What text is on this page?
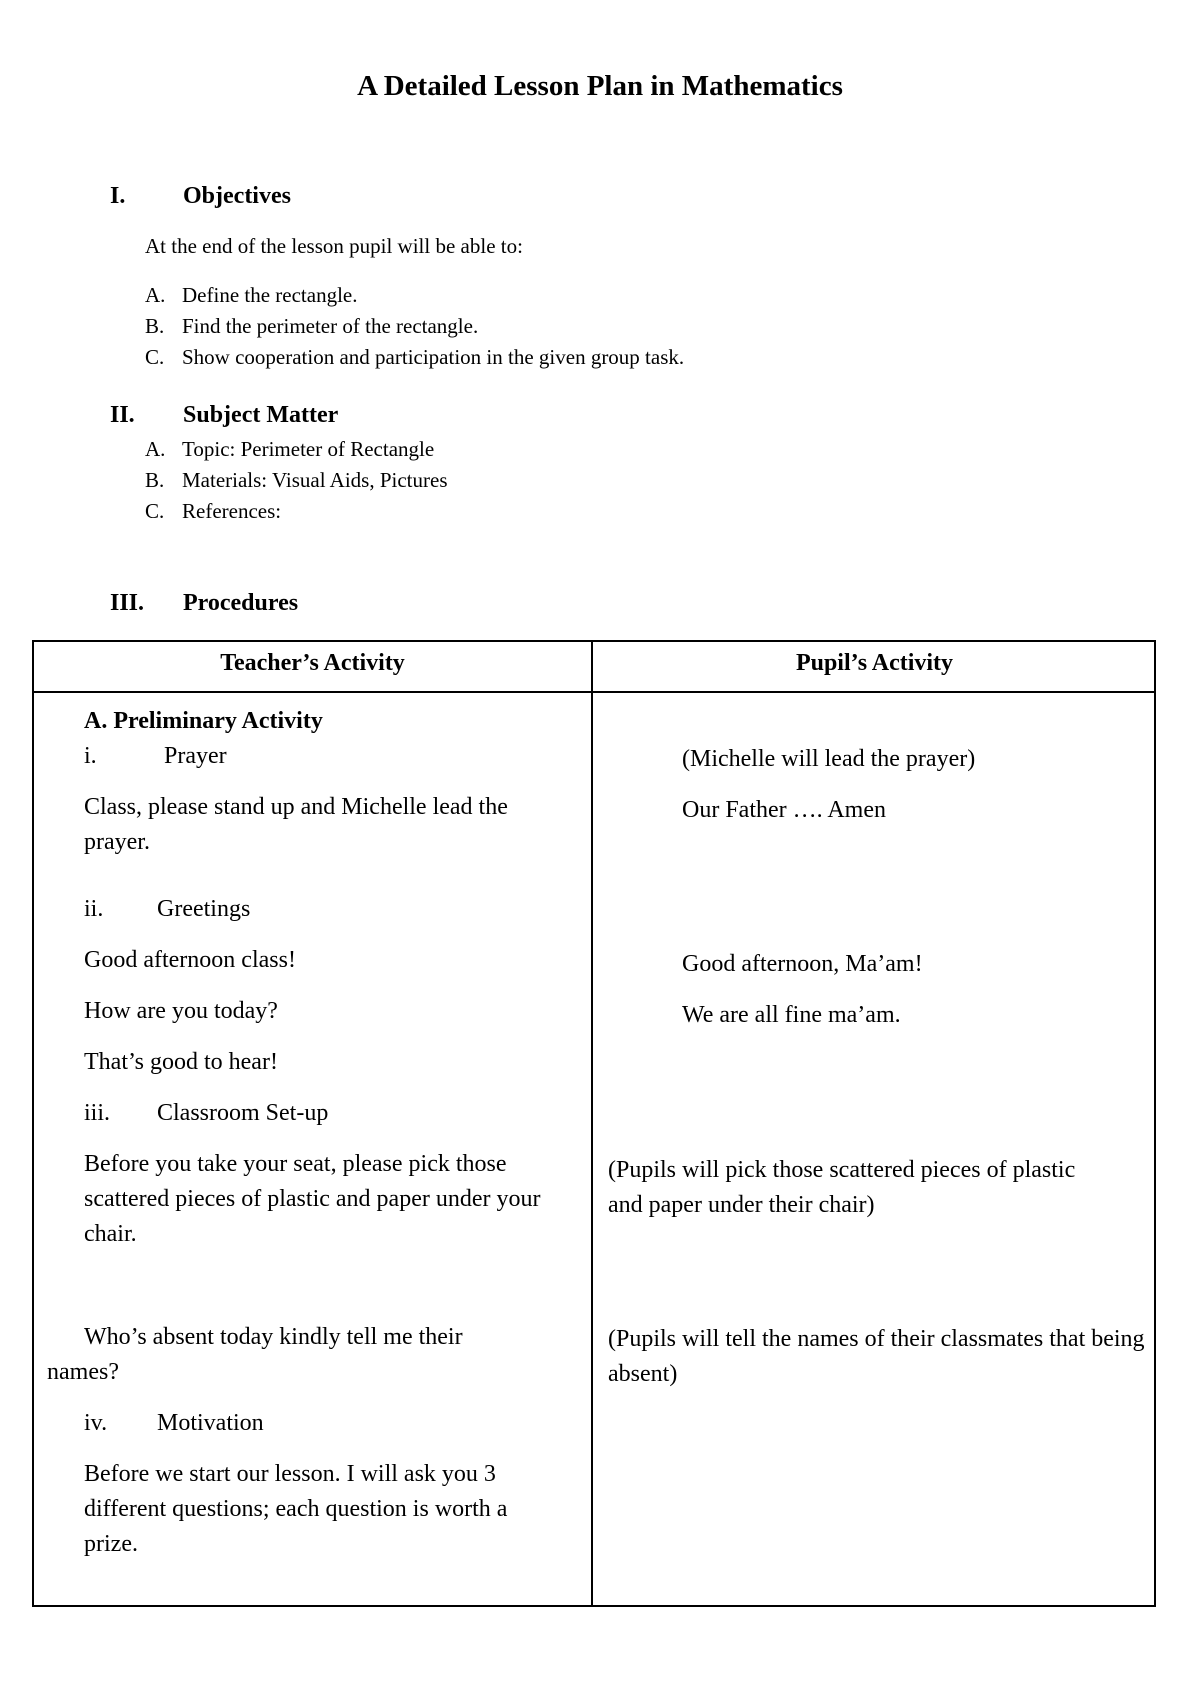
A Detailed Lesson Plan in Mathematics
I. Objectives
At the end of the lesson pupil will be able to:
A. Define the rectangle.
B. Find the perimeter of the rectangle.
C. Show cooperation and participation in the given group task.
II. Subject Matter
A. Topic: Perimeter of Rectangle
B. Materials: Visual Aids, Pictures
C. References:
III. Procedures
Teacher’s Activity	Pupil’s Activity
A. Preliminary Activity
i.	Prayer
Class, please stand up and Michelle lead the prayer.
ii. Greetings
Good afternoon class!
How are you today?
That’s good to hear!
iii. Classroom Set-up
Before you take your seat, please pick those scattered pieces of plastic and paper under your chair.
Who’s absent today kindly tell me their
names?
iv. Motivation
Before we start our lesson. I will ask you 3 different questions; each question is worth a prize.
(Michelle will lead the prayer)
Our Father …. Amen
Good afternoon, Ma’am!
We are all fine ma’am.
(Pupils will pick those scattered pieces of plastic and paper under their chair)
(Pupils will tell the names of their classmates that being absent)
